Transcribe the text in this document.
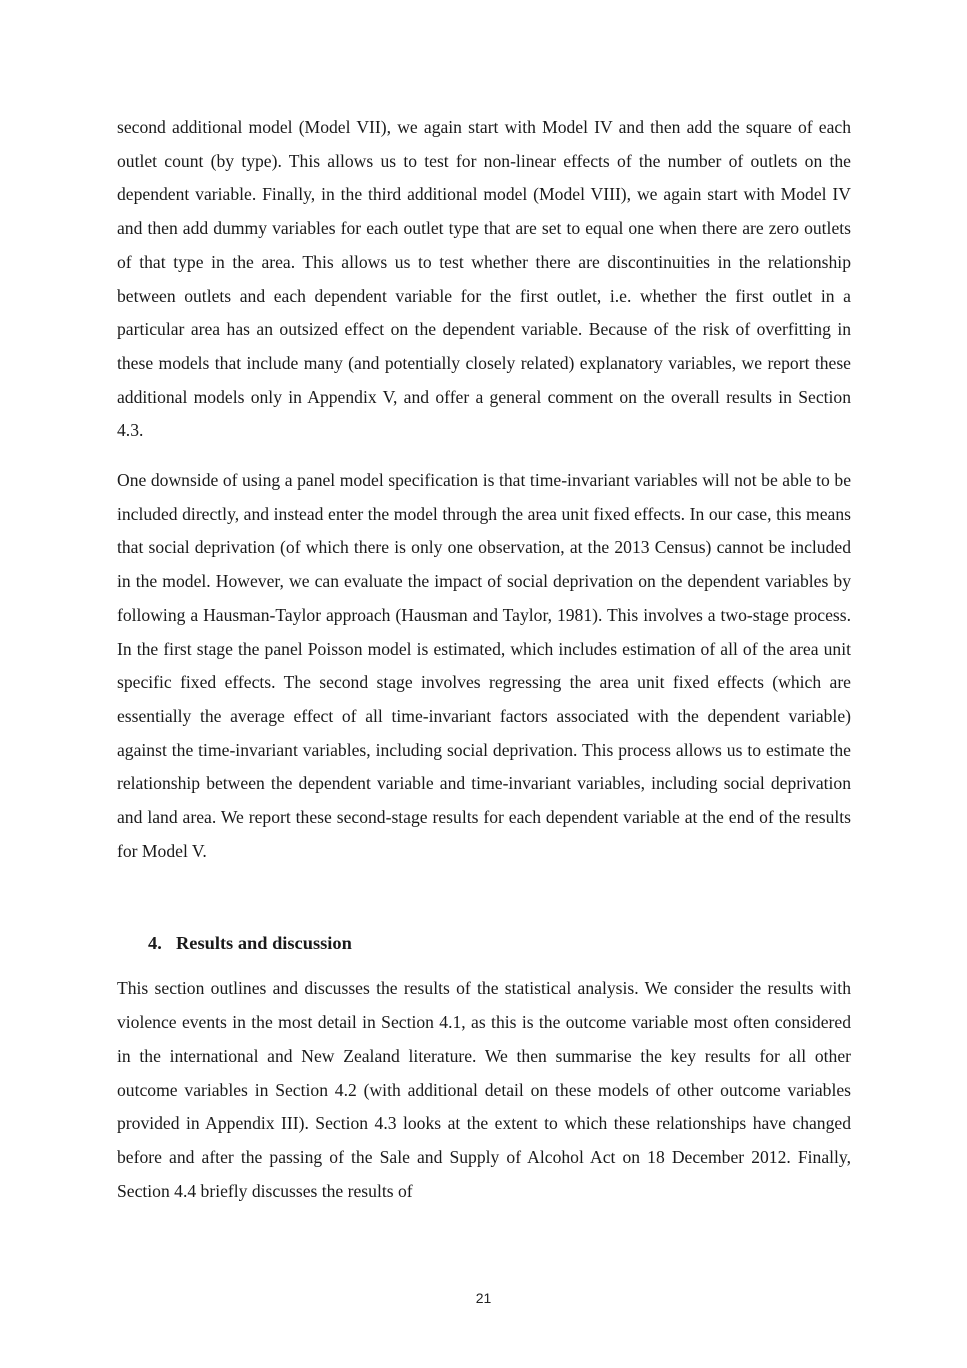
second additional model (Model VII), we again start with Model IV and then add the square of each outlet count (by type). This allows us to test for non-linear effects of the number of outlets on the dependent variable. Finally, in the third additional model (Model VIII), we again start with Model IV and then add dummy variables for each outlet type that are set to equal one when there are zero outlets of that type in the area. This allows us to test whether there are discontinuities in the relationship between outlets and each dependent variable for the first outlet, i.e. whether the first outlet in a particular area has an outsized effect on the dependent variable. Because of the risk of overfitting in these models that include many (and potentially closely related) explanatory variables, we report these additional models only in Appendix V, and offer a general comment on the overall results in Section 4.3.

One downside of using a panel model specification is that time-invariant variables will not be able to be included directly, and instead enter the model through the area unit fixed effects. In our case, this means that social deprivation (of which there is only one observation, at the 2013 Census) cannot be included in the model. However, we can evaluate the impact of social deprivation on the dependent variables by following a Hausman-Taylor approach (Hausman and Taylor, 1981). This involves a two-stage process. In the first stage the panel Poisson model is estimated, which includes estimation of all of the area unit specific fixed effects. The second stage involves regressing the area unit fixed effects (which are essentially the average effect of all time-invariant factors associated with the dependent variable) against the time-invariant variables, including social deprivation. This process allows us to estimate the relationship between the dependent variable and time-invariant variables, including social deprivation and land area. We report these second-stage results for each dependent variable at the end of the results for Model V.

4. Results and discussion

This section outlines and discusses the results of the statistical analysis. We consider the results with violence events in the most detail in Section 4.1, as this is the outcome variable most often considered in the international and New Zealand literature. We then summarise the key results for all other outcome variables in Section 4.2 (with additional detail on these models of other outcome variables provided in Appendix III). Section 4.3 looks at the extent to which these relationships have changed before and after the passing of the Sale and Supply of Alcohol Act on 18 December 2012. Finally, Section 4.4 briefly discusses the results of

21
